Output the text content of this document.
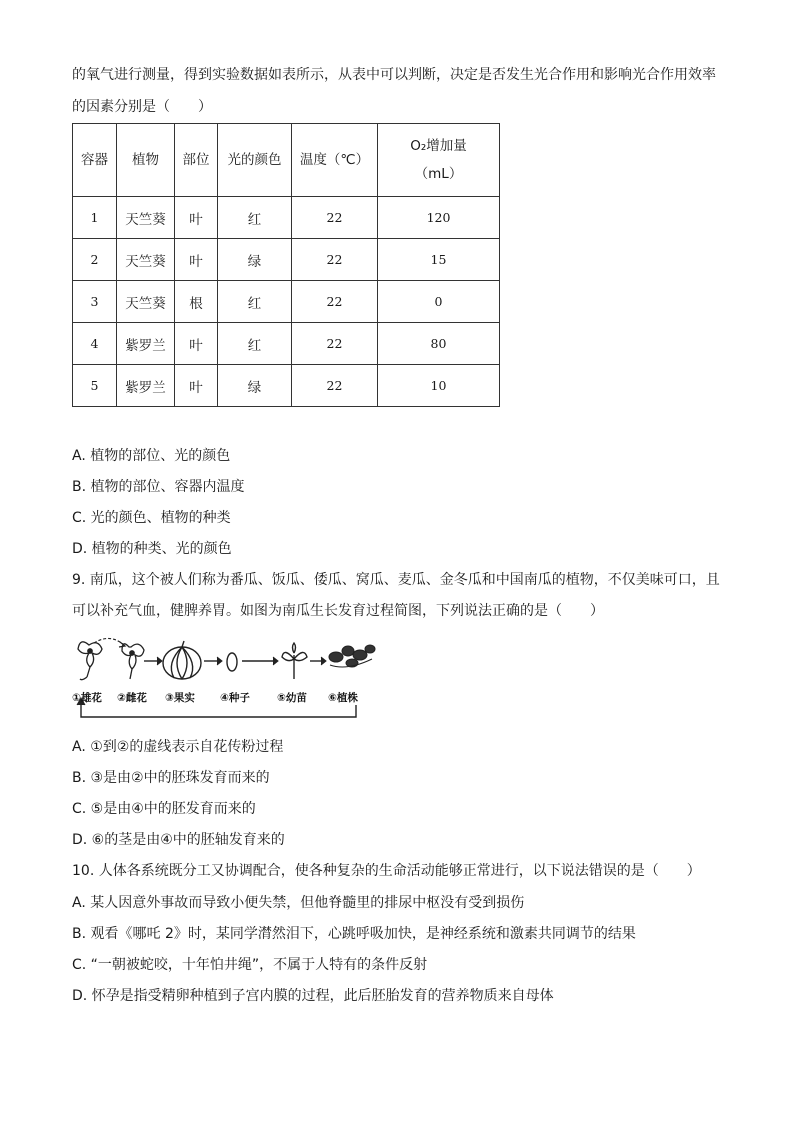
的氧气进行测量，得到实验数据如表所示，从表中可以判断，决定是否发生光合作用和影响光合作用效率
的因素分别是（　　）
容器	植物	部位	光的颜色	温度（℃）	O₂增加量
（mL）

1	天竺葵	叶	红	22	120
2	天竺葵	叶	绿	22	15
3	天竺葵	根	红	22	0
4	紫罗兰	叶	红	22	80
5	紫罗兰	叶	绿	22	10
A. 植物的部位、光的颜色
B. 植物的部位、容器内温度
C. 光的颜色、植物的种类
D. 植物的种类、光的颜色
9. 南瓜，这个被人们称为番瓜、饭瓜、倭瓜、窝瓜、麦瓜、金冬瓜和中国南瓜的植物，不仅美味可口，且
可以补充气血，健脾养胃。如图为南瓜生长发育过程简图，下列说法正确的是（　　）
①雄花 ②雌花 ③果实 ④种子	⑤幼苗 ⑥植株
A. ①到②的虚线表示自花传粉过程
B. ③是由②中的胚珠发育而来的
C. ⑤是由④中的胚发育而来的
D. ⑥的茎是由④中的胚轴发育来的
10. 人体各系统既分工又协调配合，使各种复杂的生命活动能够正常进行，以下说法错误的是（　　）
A. 某人因意外事故而导致小便失禁，但他脊髓里的排尿中枢没有受到损伤
B. 观看《哪吒 2》时，某同学潸然泪下，心跳呼吸加快，是神经系统和激素共同调节的结果
C. “一朝被蛇咬，十年怕井绳”，不属于人特有的条件反射
D. 怀孕是指受精卵种植到子宫内膜的过程，此后胚胎发育的营养物质来自母体
